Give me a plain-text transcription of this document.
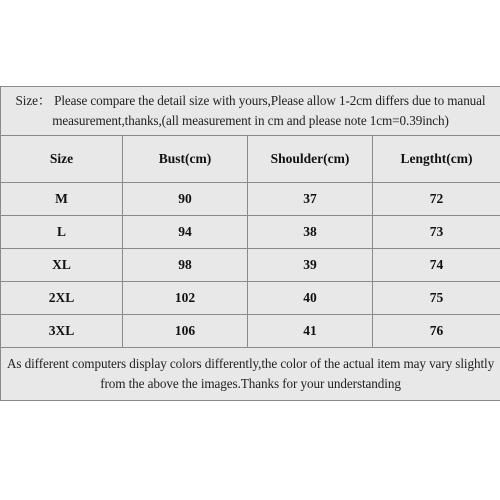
Size： Please compare the detail size with yours,Please allow 1-2cm differs due to manual measurement,thanks,(all measurement in cm and please note 1cm=0.39inch)			
Size	Bust(cm)	Shoulder(cm)	Lengtht(cm)
M	90	37	72
L	94	38	73
XL	98	39	74
2XL	102	40	75
3XL	106	41	76
As different computers display colors differently,the color of the actual item may vary slightly from the above the images.Thanks for your understanding			
